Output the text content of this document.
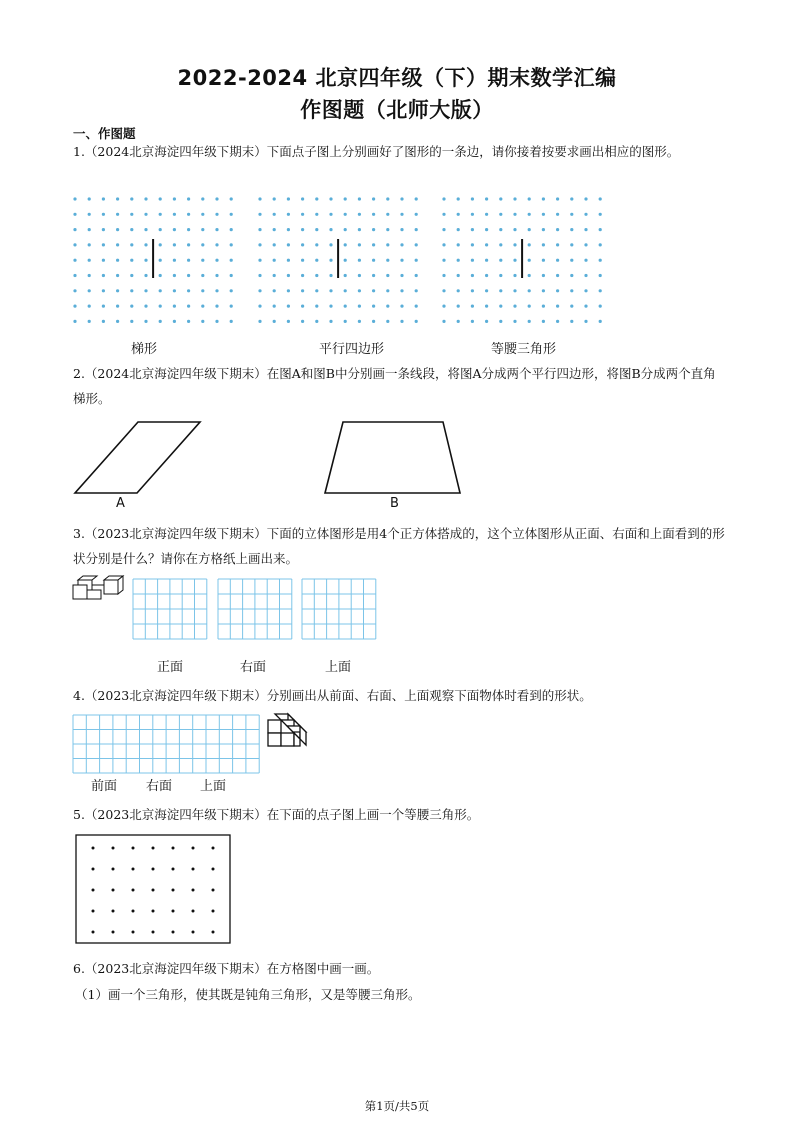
2022-2024 北京四年级（下）期末数学汇编
作图题（北师大版）
一、作图题
1.（2024北京海淀四年级下期末）下面点子图上分别画好了图形的一条边，请你接着按要求画出相应的图形。
梯形	平行四边形	等腰三角形
2.（2024北京海淀四年级下期末）在图A和图B中分别画一条线段，将图A分成两个平行四边形，将图B分成两个直角梯形。
A	B
3.（2023北京海淀四年级下期末）下面的立体图形是用4个正方体搭成的，这个立体图形从正面、右面和上面看到的形状分别是什么？请你在方格纸上画出来。
正面	右面	上面
4.（2023北京海淀四年级下期末）分别画出从前面、右面、上面观察下面物体时看到的形状。
前面 右面 上面
5.（2023北京海淀四年级下期末）在下面的点子图上画一个等腰三角形。
6.（2023北京海淀四年级下期末）在方格图中画一画。
（1）画一个三角形，使其既是钝角三角形，又是等腰三角形。
第1页/共5页
